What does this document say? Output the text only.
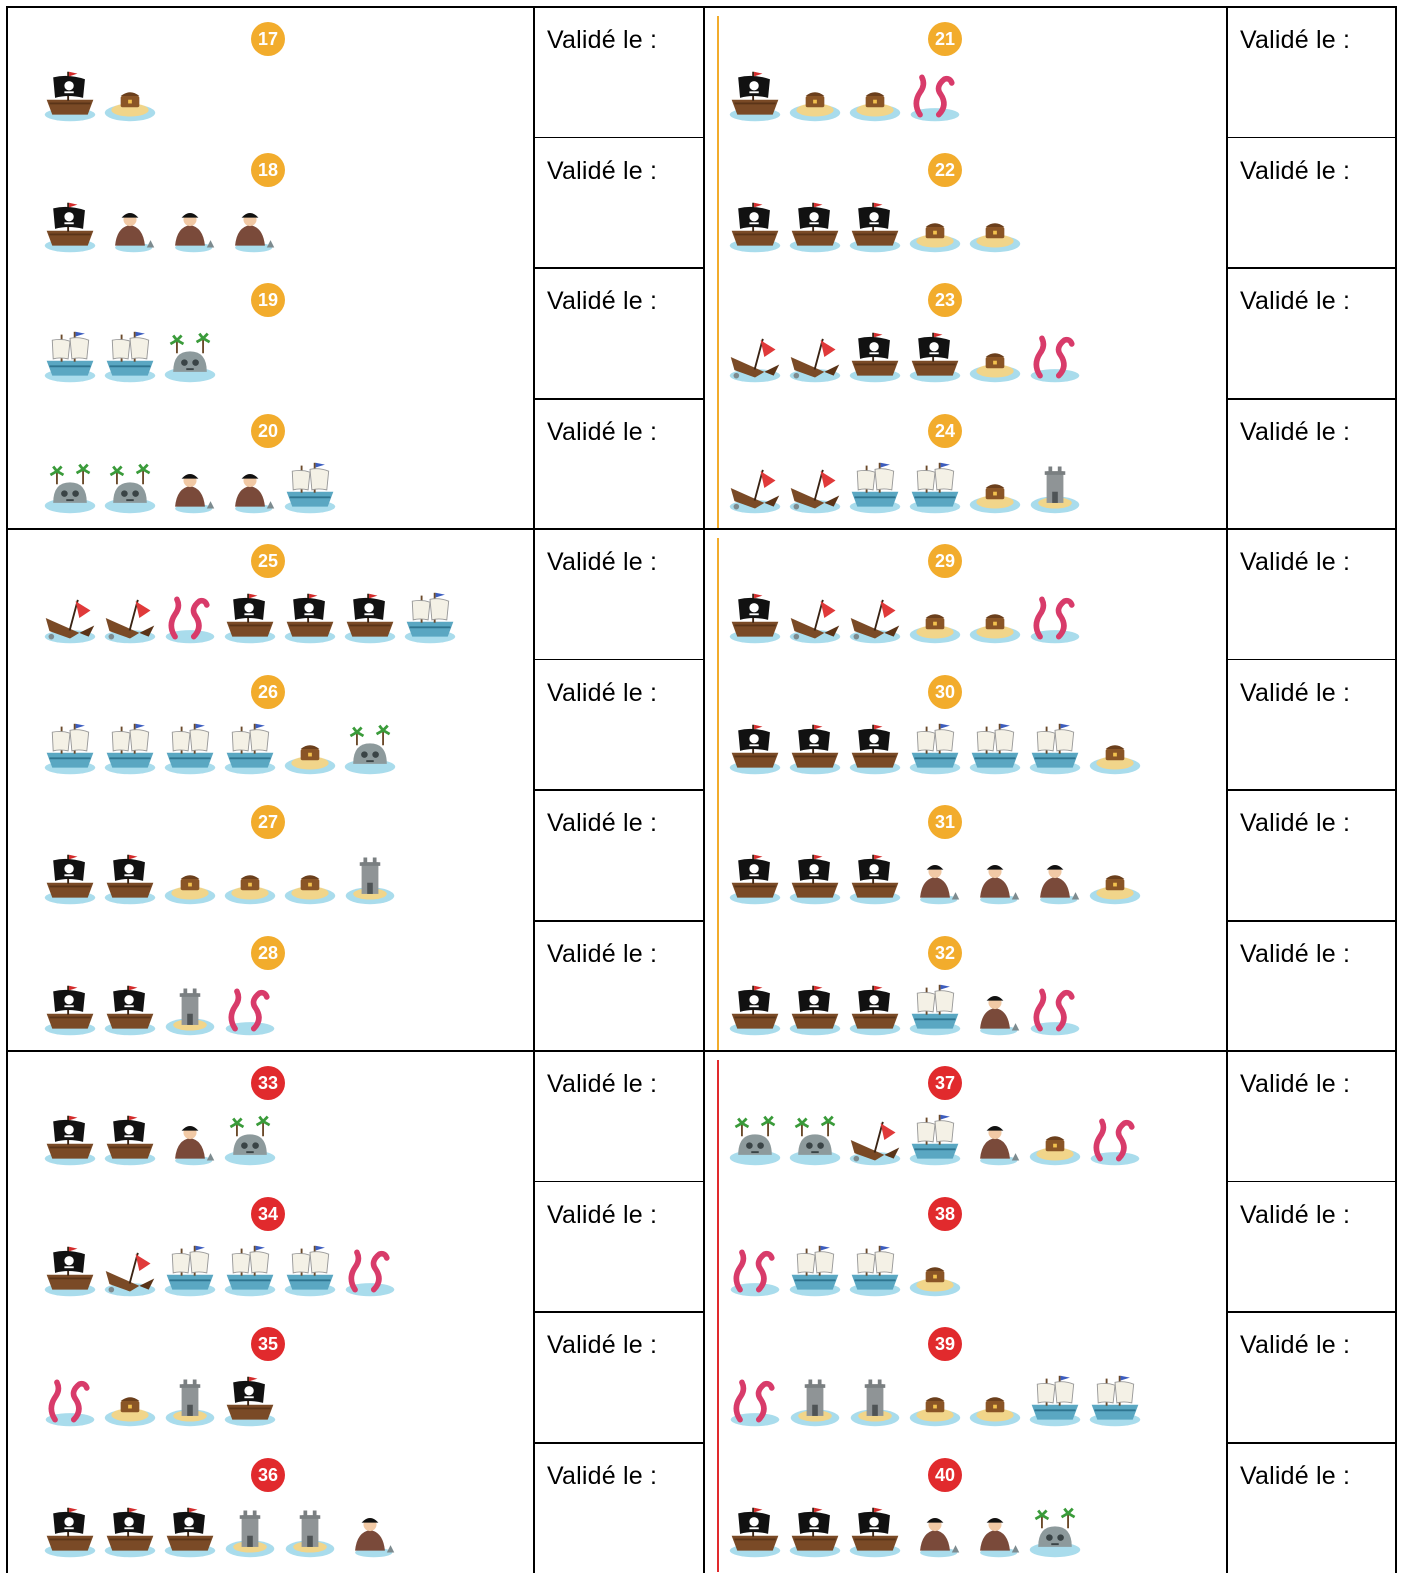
Validé le :
17
Validé le :
18
Validé le :
19
Validé le :
20
Validé le :
21
Validé le :
22
Validé le :
23
Validé le :
24
Validé le :
25
Validé le :
26
Validé le :
27
Validé le :
28
Validé le :
29
Validé le :
30
Validé le :
31
Validé le :
32
Validé le :
33
Validé le :
34
Validé le :
35
Validé le :
36
Validé le :
37
Validé le :
38
Validé le :
39
Validé le :
40
